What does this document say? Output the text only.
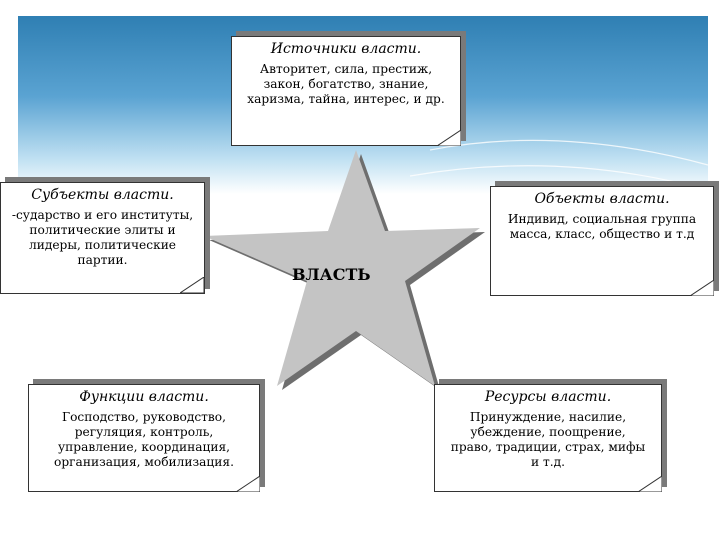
ВЛАСТЬ
Источники власти.
Авторитет, сила, престиж,
закон, богатство, знание,
харизма, тайна, интерес, и др.
Субъекты власти.
-сударство и его институты,
политические элиты и
лидеры, политические
партии.
Объекты власти.
Индивид, социальная группа
масса, класс, общество и т.д
Функции власти.
Господство, руководство,
регуляция, контроль,
управление, координация,
организация, мобилизация.
Ресурсы власти.
Принуждение, насилие,
убеждение, поощрение,
право, традиции, страх, мифы
и т.д.
